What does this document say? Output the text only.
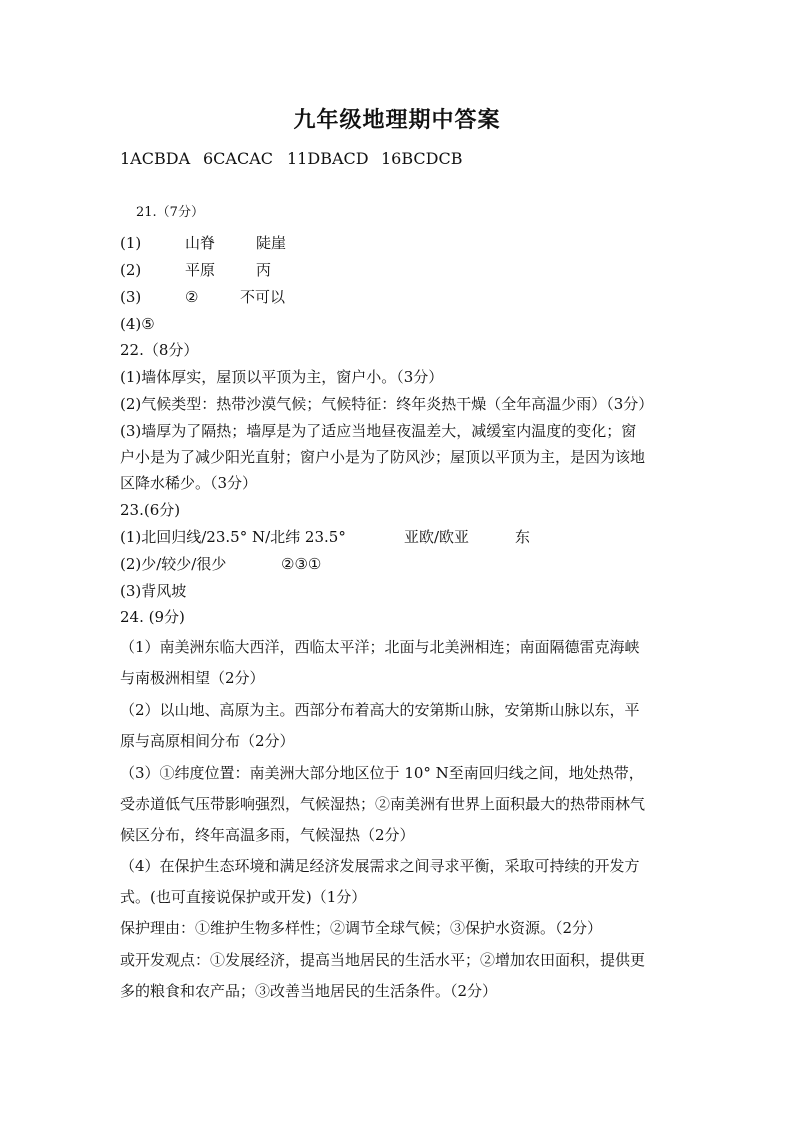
九年级地理期中答案
1ACBDA 6CACAC 11DBACD 16BCDCB
21.（7分）
(1)	山脊	陡崖
(2)	平原	丙
(3)	②	不可以
(4)⑤
22.（8分）
(1)墙体厚实，屋顶以平顶为主，窗户小。（3分）
(2)气候类型：热带沙漠气候；气候特征：终年炎热干燥（全年高温少雨）（3分）
(3)墙厚为了隔热；墙厚是为了适应当地昼夜温差大，减缓室内温度的变化；窗
户小是为了减少阳光直射；窗户小是为了防风沙；屋顶以平顶为主，是因为该地
区降水稀少。（3分）
23.(6分)
(1)北回归线/23.5° N/北纬 23.5°	亚欧/欧亚	东
(2)少/较少/很少	②③①
(3)背风坡
24. (9分)
（1）南美洲东临大西洋，西临太平洋；北面与北美洲相连；南面隔德雷克海峡
与南极洲相望（2分）
（2）以山地、高原为主。西部分布着高大的安第斯山脉，安第斯山脉以东，平
原与高原相间分布（2分）
（3）①纬度位置：南美洲大部分地区位于 10° N至南回归线之间，地处热带，
受赤道低气压带影响强烈，气候湿热；②南美洲有世界上面积最大的热带雨林气
候区分布，终年高温多雨，气候湿热（2分）
（4）在保护生态环境和满足经济发展需求之间寻求平衡，采取可持续的开发方
式。(也可直接说保护或开发)（1分）
保护理由：①维护生物多样性；②调节全球气候；③保护水资源。（2分）
或开发观点：①发展经济，提高当地居民的生活水平；②增加农田面积，提供更
多的粮食和农产品；③改善当地居民的生活条件。（2分）
